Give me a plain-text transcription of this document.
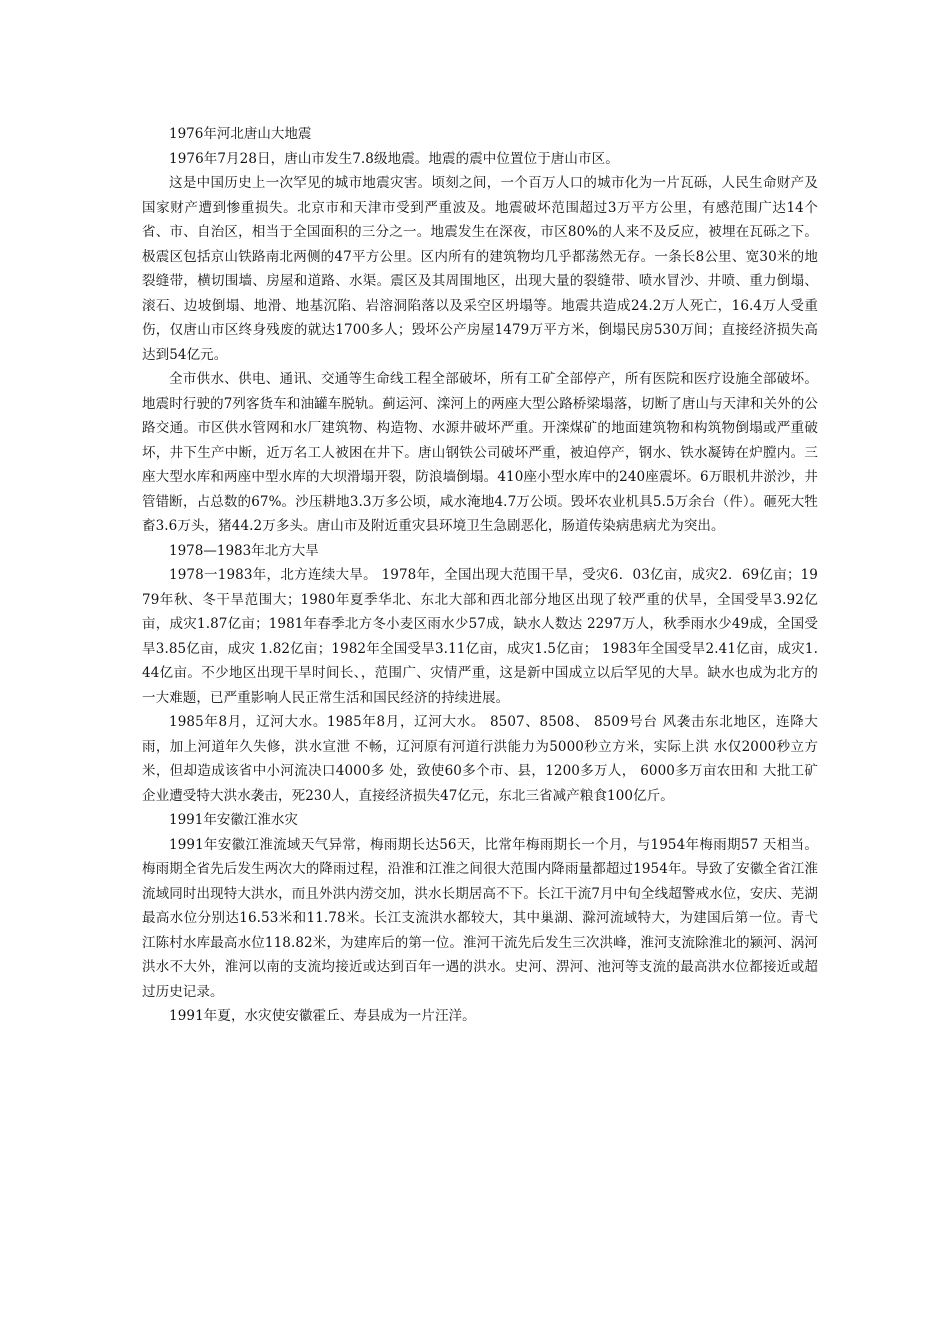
1976年河北唐山大地震

1976年7月28日，唐山市发生7.8级地震。地震的震中位置位于唐山市区。

这是中国历史上一次罕见的城市地震灾害。顷刻之间，一个百万人口的城市化为一片瓦砾，人民生命财产及国家财产遭到惨重损失。北京市和天津市受到严重波及。地震破坏范围超过3万平方公里，有感范围广达14个省、市、自治区，相当于全国面积的三分之一。地震发生在深夜，市区80%的人来不及反应，被埋在瓦砾之下。极震区包括京山铁路南北两侧的47平方公里。区内所有的建筑物均几乎都荡然无存。一条长8公里、宽30米的地裂缝带，横切围墙、房屋和道路、水渠。震区及其周围地区，出现大量的裂缝带、喷水冒沙、井喷、重力倒塌、滚石、边坡倒塌、地滑、地基沉陷、岩溶洞陷落以及采空区坍塌等。地震共造成24.2万人死亡，16.4万人受重伤，仅唐山市区终身残废的就达1700多人；毁坏公产房屋1479万平方米，倒塌民房530万间；直接经济损失高达到54亿元。

全市供水、供电、通讯、交通等生命线工程全部破坏，所有工矿全部停产，所有医院和医疗设施全部破坏。地震时行驶的7列客货车和油罐车脱轨。蓟运河、滦河上的两座大型公路桥梁塌落，切断了唐山与天津和关外的公路交通。市区供水管网和水厂建筑物、构造物、水源井破坏严重。开滦煤矿的地面建筑物和构筑物倒塌或严重破坏，井下生产中断，近万名工人被困在井下。唐山钢铁公司破坏严重，被迫停产，钢水、铁水凝铸在炉膛内。三座大型水库和两座中型水库的大坝滑塌开裂，防浪墙倒塌。410座小型水库中的240座震坏。6万眼机井淤沙，井管错断，占总数的67%。沙压耕地3.3万多公顷，咸水淹地4.7万公顷。毁坏农业机具5.5万余台（件）。砸死大牲畜3.6万头，猪44.2万多头。唐山市及附近重灾县环境卫生急剧恶化，肠道传染病患病尤为突出。

1978—1983年北方大旱

1978一1983年，北方连续大旱。 1978年，全国出现大范围干旱，受灾6．03亿亩，成灾2．69亿亩；1979年秋、冬干旱范围大；1980年夏季华北、东北大部和西北部分地区出现了较严重的伏旱，全国受旱3.92亿亩，成灾1.87亿亩；1981年春季北方冬小麦区雨水少57成，缺水人数达 2297万人，秋季雨水少49成，全国受旱3.85亿亩，成灾 1.82亿亩；1982年全国受旱3.11亿亩，成灾1.5亿亩； 1983年全国受旱2.41亿亩，成灾1.44亿亩。不少地区出现干旱时间长、，范围广、灾情严重，这是新中国成立以后罕见的大旱。缺水也成为北方的一大难题，已严重影响人民正常生活和国民经济的持续进展。

1985年8月，辽河大水。1985年8月，辽河大水。 8507、8508、 8509号台 风袭击东北地区，连降大雨，加上河道年久失修，洪水宣泄 不畅，辽河原有河道行洪能力为5000秒立方米，实际上洪 水仅2000秒立方米，但却造成该省中小河流决口4000多 处，致使60多个市、县，1200多万人， 6000多万亩农田和 大批工矿企业遭受特大洪水袭击，死230人，直接经济损失47亿元，东北三省减产粮食100亿斤。

1991年安徽江淮水灾

1991年安徽江淮流域天气异常，梅雨期长达56天，比常年梅雨期长一个月，与1954年梅雨期57 天相当。梅雨期全省先后发生两次大的降雨过程，沿淮和江淮之间很大范围内降雨量都超过1954年。导致了安徽全省江淮流域同时出现特大洪水，而且外洪内涝交加，洪水长期居高不下。长江干流7月中旬全线超警戒水位，安庆、芜湖最高水位分别达16.53米和11.78米。长江支流洪水都较大，其中巢湖、滁河流域特大，为建国后第一位。青弋江陈村水库最高水位118.82米，为建库后的第一位。淮河干流先后发生三次洪峰，淮河支流除淮北的颍河、涡河洪水不大外，淮河以南的支流均接近或达到百年一遇的洪水。史河、淠河、池河等支流的最高洪水位都接近或超过历史记录。

1991年夏，水灾使安徽霍丘、寿县成为一片汪洋。
